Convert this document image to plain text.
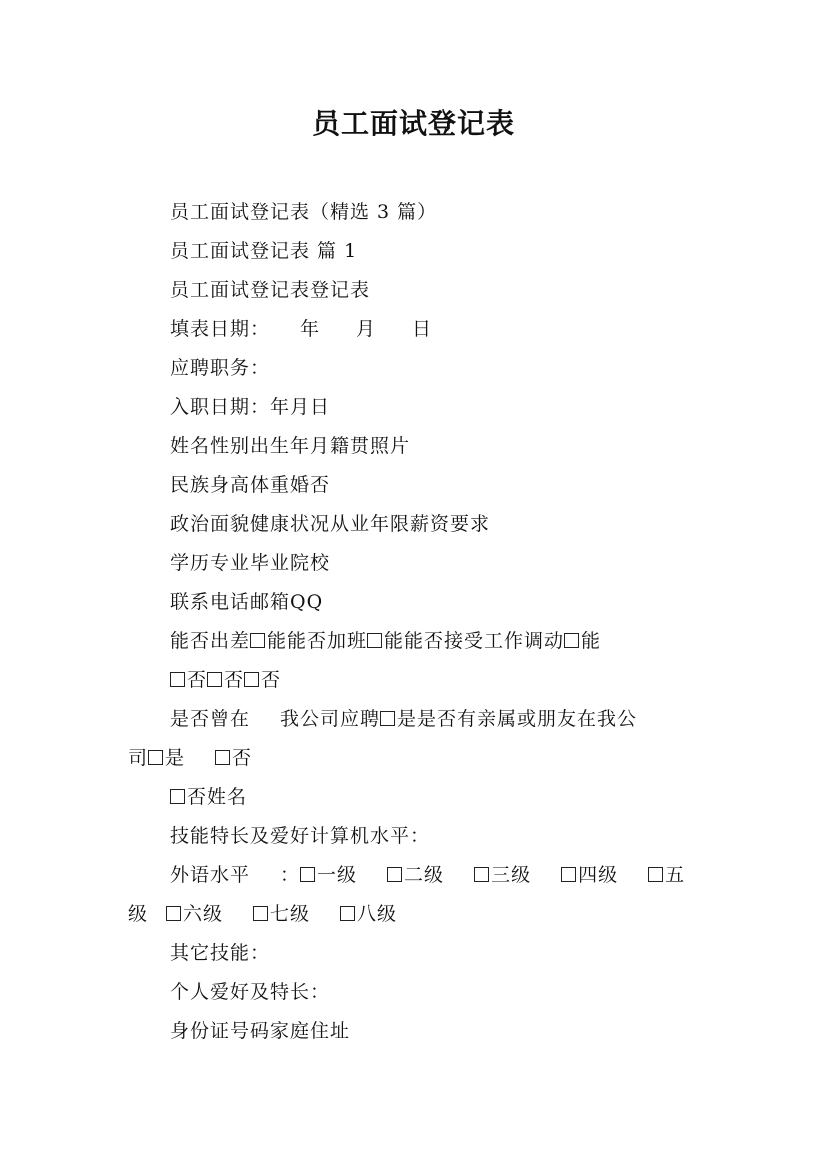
员工面试登记表
员工面试登记表（精选 3 篇）
员工面试登记表 篇 1
员工面试登记表登记表
填表日期： 年 月 日
应聘职务：
入职日期：年月日
姓名性别出生年月籍贯照片
民族身高体重婚否
政治面貌健康状况从业年限薪资要求
学历专业毕业院校
联系电话邮箱QQ
能否出差 能能否加班 能能否接受工作调动 能
否 否 否
是否曾在 我公司应聘 是是否有亲属或朋友在我公
司 是 否
否姓名
技能特长及爱好计算机水平：
外语水平 ： 一级 二级 三级 四级 五
级 六级 七级 八级
其它技能：
个人爱好及特长：
身份证号码家庭住址
